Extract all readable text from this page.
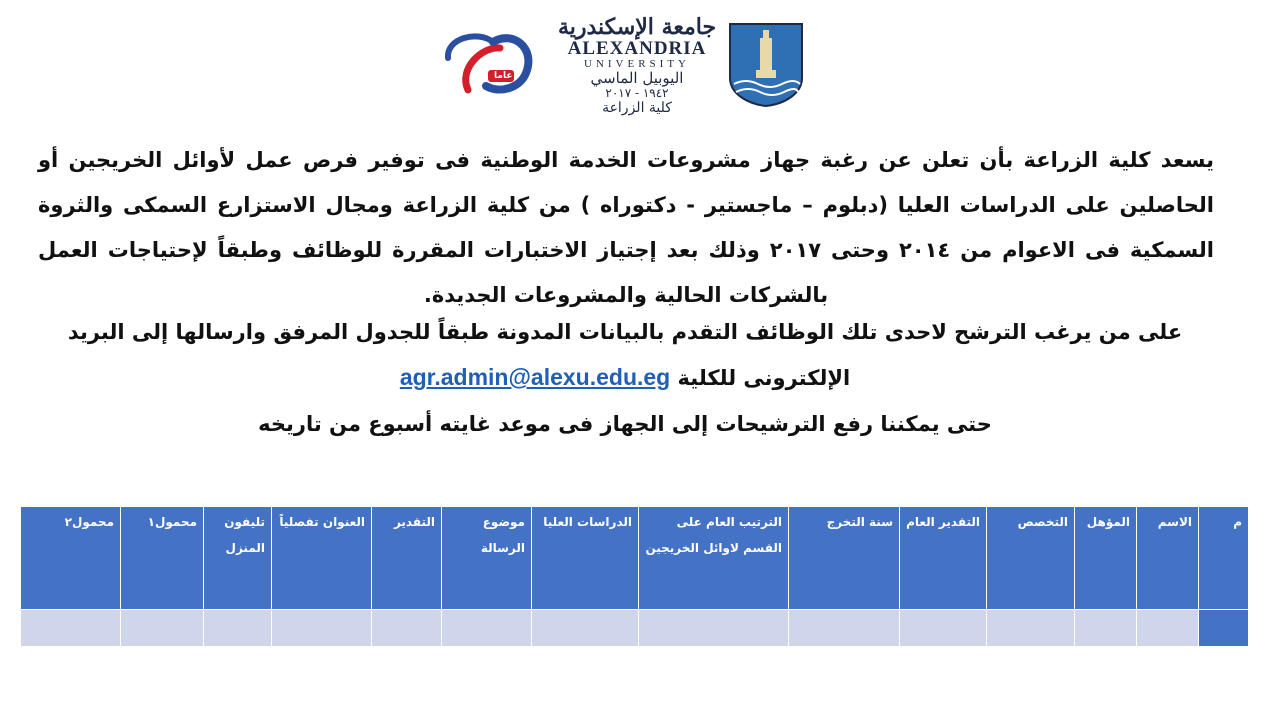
عاما
جامعة الإسكندرية
ALEXANDRIA
UNIVERSITY
اليوبيل الماسي
١٩٤٢ - ٢٠١٧
كلية الزراعة
يسعد كلية الزراعة بأن تعلن عن رغبة جهاز مشروعات الخدمة الوطنية فى توفير فرص عمل لأوائل الخريجين أو الحاصلين على الدراسات العليا (دبلوم – ماجستير - دكتوراه ) من كلية الزراعة ومجال الاستزارع السمكى والثروة السمكية فى الاعوام من ٢٠١٤ وحتى ٢٠١٧ وذلك بعد إجتياز الاختبارات المقررة للوظائف وطبقاً لإحتياجات العمل بالشركات الحالية والمشروعات الجديدة.
على من يرغب الترشح لاحدى تلك الوظائف التقدم بالبيانات المدونة طبقاً للجدول المرفق وارسالها إلى البريد الإلكترونى للكلية agr.admin@alexu.edu.eg
حتى يمكننا رفع الترشيحات إلى الجهاز فى موعد غايته أسبوع من تاريخه
م	الاسم	المؤهل	التخصص	التقدير العام	سنة التخرج	الترتيب العام على القسم لاوائل الخريجين	الدراسات العليا	موضوع الرسالة	التقدير	العنوان تفصلياً	تليفون المنزل	محمول١	محمول٢
